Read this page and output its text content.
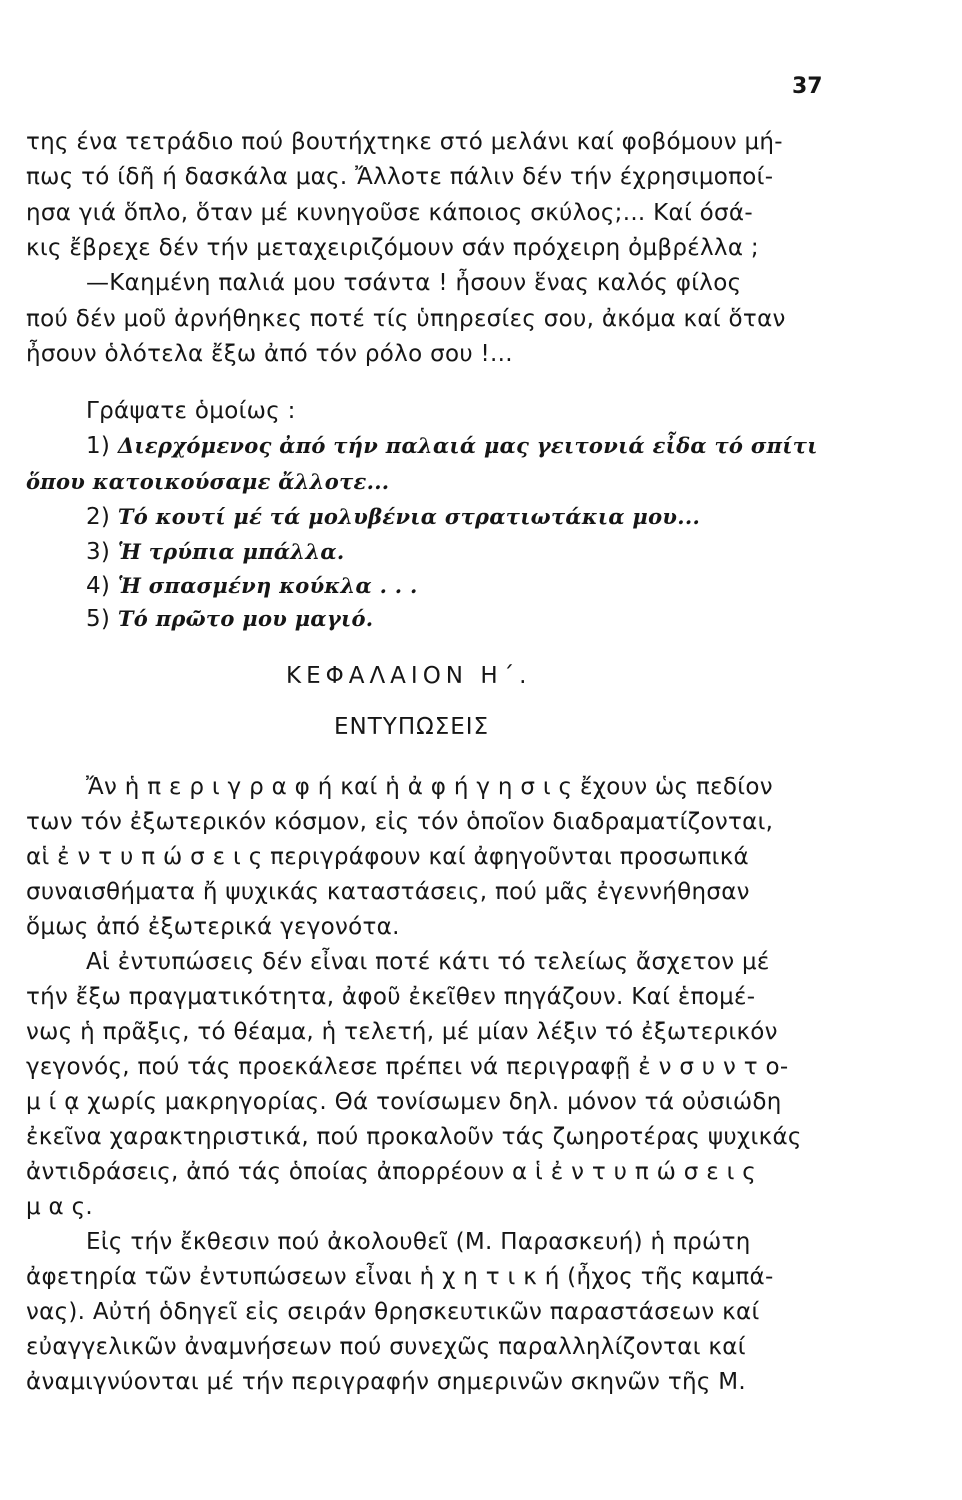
37
της ένα τετράδιο πού βουτήχτηκε στό μελάνι καί φοβόμουν μή-
πως τό ίδῆ ή δασκάλα μας. Ἄλλοτε πάλιν δέν τήν έχρησιμοποί-
ησα γιά ὅπλο, ὅταν μέ κυνηγοῦσε κάποιος σκύλος;... Καί όσά-
κις ἔβρεχε δέν τήν μεταχειριζόμουν σάν πρόχειρη ὀμβρέλλα ;
—Καημένη παλιά μου τσάντα ! ἦσουν ἕνας καλός φίλος
πού δέν μοῦ ἀρνήθηκες ποτέ τίς ὑπηρεσίες σου, ἀκόμα καί ὅταν
ἦσουν ὁλότελα ἔξω ἀπό τόν ρόλο σου !...
Γράψατε ὁμοίως :
1) Διερχόμενος ἀπό τήν παλαιά μας γειτονιά εἶδα τό σπίτι
ὅπου κατοικούσαμε ἄλλοτε...
2) Τό κουτί μέ τά μολυβένια στρατιωτάκια μου...
3) Ἡ τρύπια μπάλλα.
4) Ἡ σπασμένη κούκλα . . .
5) Τό πρῶτο μου μαγιό.
ΚΕΦΑΛΑΙΟΝ Η΄.
ΕΝΤΥΠΩΣΕΙΣ
Ἄν ἡ π ε ρ ι γ ρ α φ ή καί ἡ ἀ φ ή γ η σ ι ς ἔχουν ὡς πεδίον
των τόν ἐξωτερικόν κόσμον, εἰς τόν ὁποῖον διαδραματίζονται,
αἱ ἐ ν τ υ π ώ σ ε ι ς περιγράφουν καί ἀφηγοῦνται προσωπικά
συναισθήματα ἤ ψυχικάς καταστάσεις, πού μᾶς ἐγεννήθησαν
ὅμως ἀπό ἐξωτερικά γεγονότα.
Αἱ ἐντυπώσεις δέν εἶναι ποτέ κάτι τό τελείως ἄσχετον μέ
τήν ἔξω πραγματικότητα, ἀφοῦ ἐκεῖθεν πηγάζουν. Καί ἑπομέ-
νως ἡ πρᾶξις, τό θέαμα, ἡ τελετή, μέ μίαν λέξιν τό ἐξωτερικόν
γεγονός, πού τάς προεκάλεσε πρέπει νά περιγραφῇ ἐ ν σ υ ν τ ο-
μ ί ᾳ χωρίς μακρηγορίας. Θά τονίσωμεν δηλ. μόνον τά οὐσιώδη
ἐκεῖνα χαρακτηριστικά, πού προκαλοῦν τάς ζωηροτέρας ψυχικάς
ἀντιδράσεις, ἀπό τάς ὁποίας ἀπορρέουν α ἱ ἐ ν τ υ π ώ σ ε ι ς
μ α ς.
Εἰς τήν ἔκθεσιν πού ἀκολουθεῖ (Μ. Παρασκευή) ἡ πρώτη
ἀφετηρία τῶν ἐντυπώσεων εἶναι ἡ χ η τ ι κ ή (ἦχος τῆς καμπά-
νας). Αὐτή ὁδηγεῖ εἰς σειράν θρησκευτικῶν παραστάσεων καί
εὐαγγελικῶν ἀναμνήσεων πού συνεχῶς παραλληλίζονται καί
ἀναμιγνύονται μέ τήν περιγραφήν σημερινῶν σκηνῶν τῆς Μ.
